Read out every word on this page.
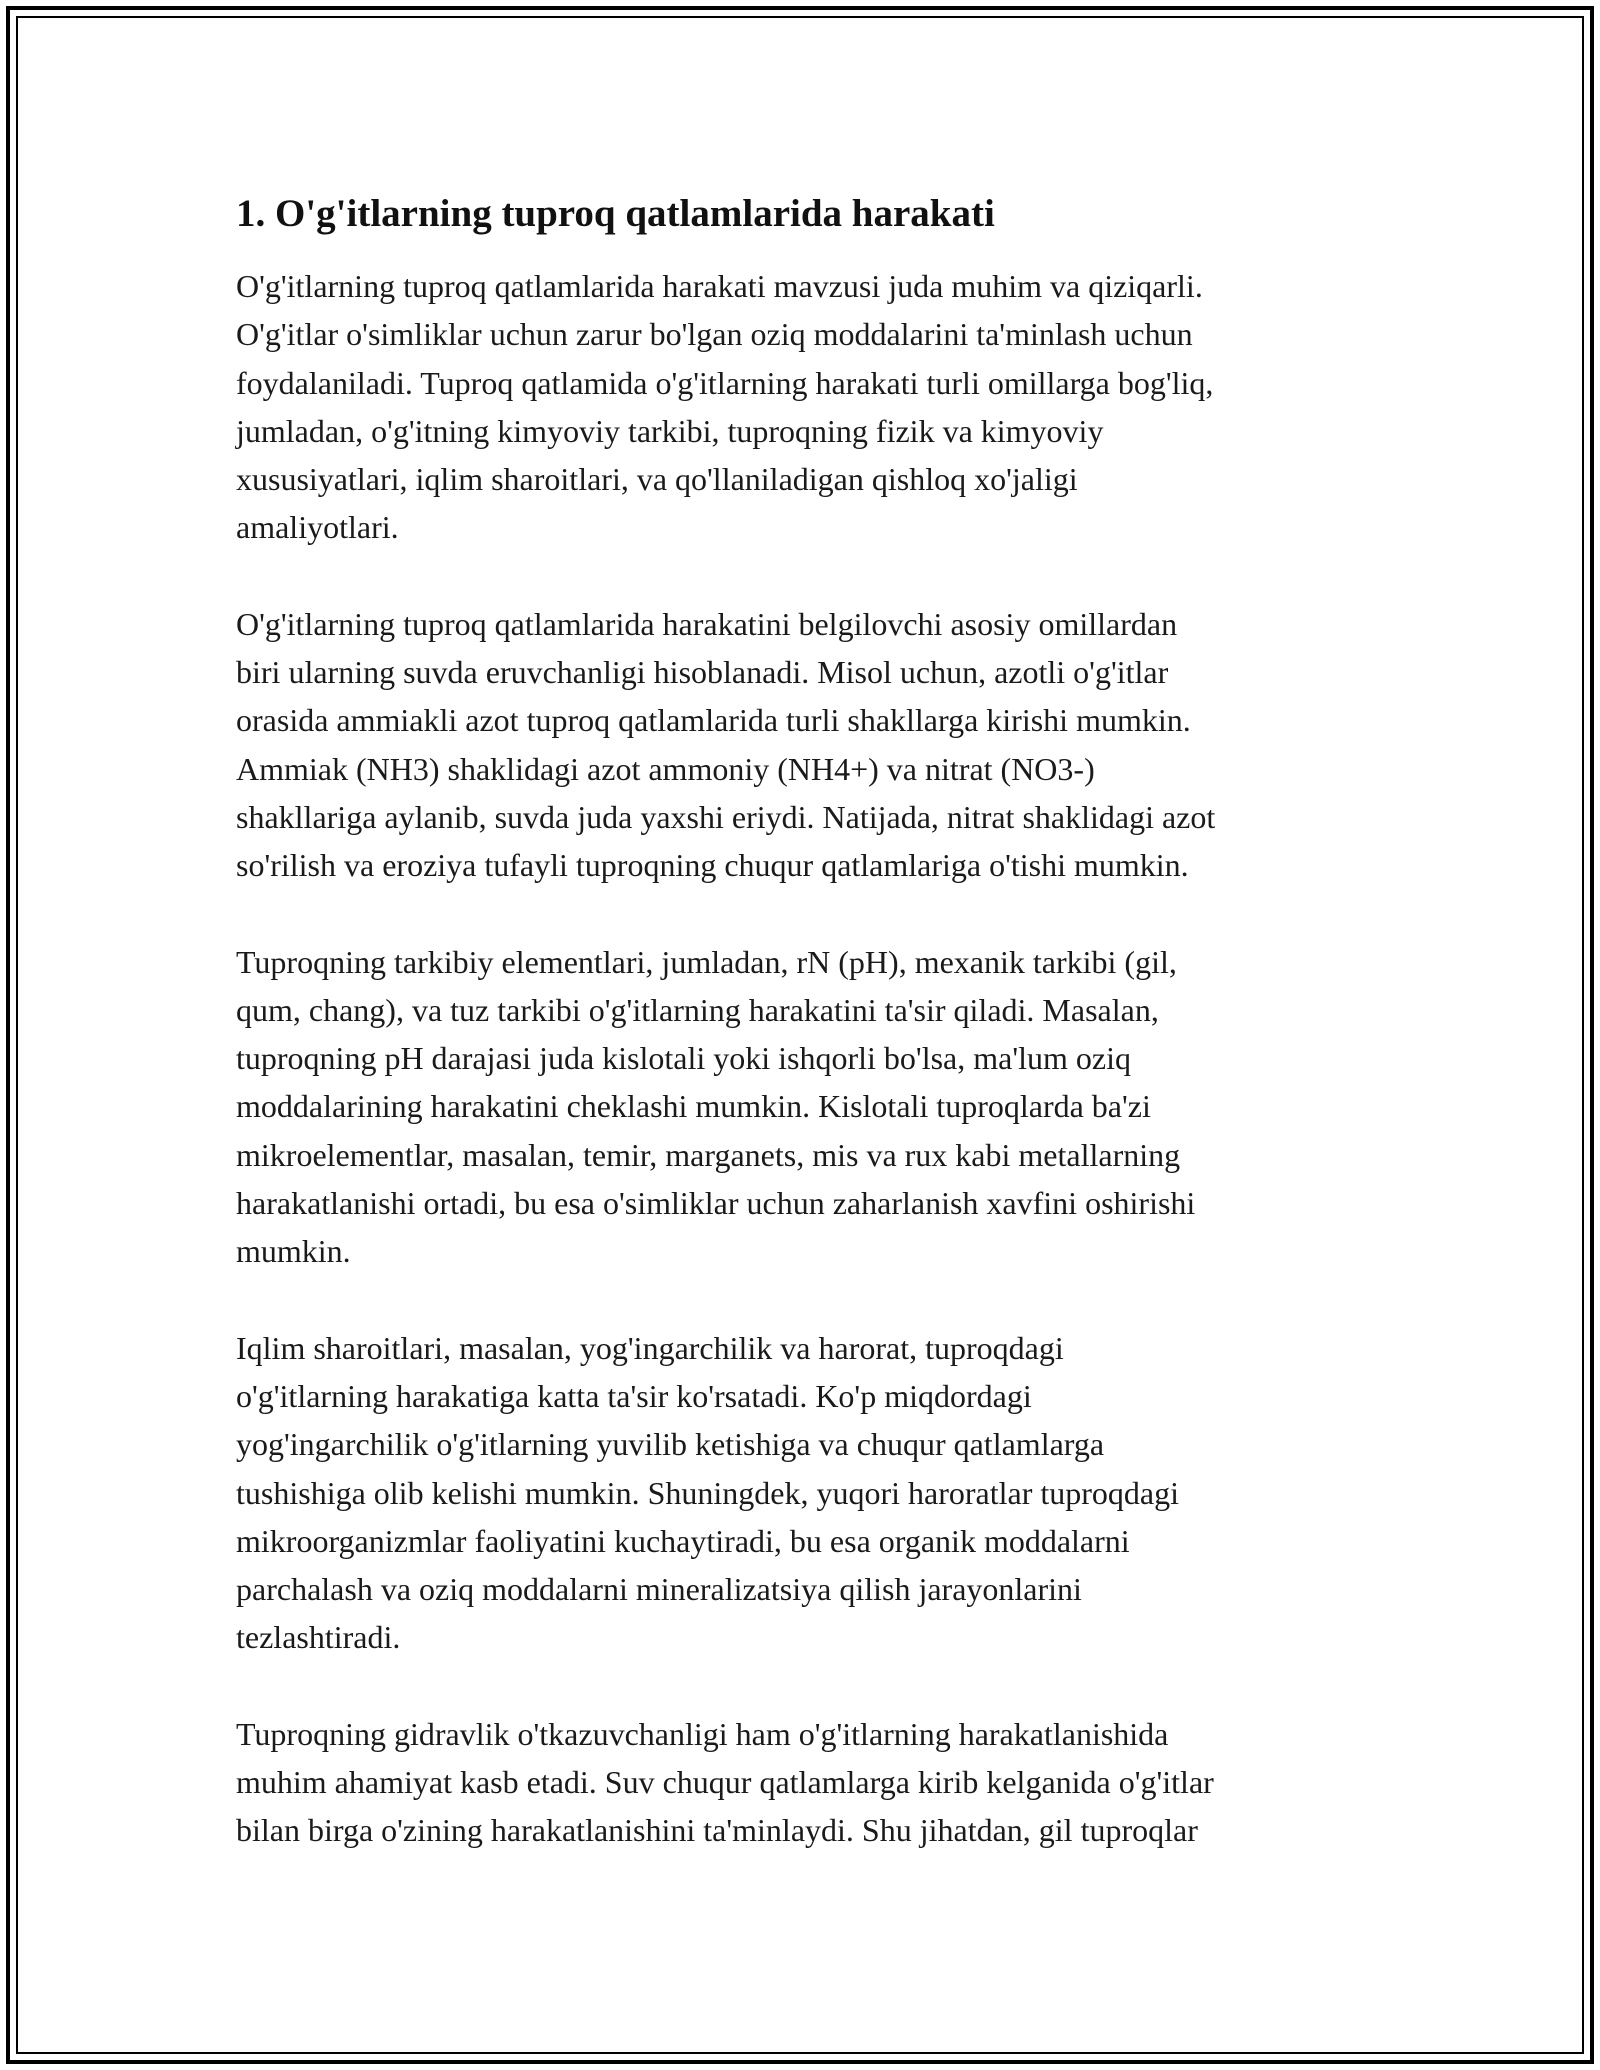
1. O'g'itlarning tuproq qatlamlarida harakati

O'g'itlarning tuproq qatlamlarida harakati mavzusi juda muhim va qiziqarli.
O'g'itlar o'simliklar uchun zarur bo'lgan oziq moddalarini ta'minlash uchun
foydalaniladi. Tuproq qatlamida o'g'itlarning harakati turli omillarga bog'liq,
jumladan, o'g'itning kimyoviy tarkibi, tuproqning fizik va kimyoviy
xususiyatlari, iqlim sharoitlari, va qo'llaniladigan qishloq xo'jaligi
amaliyotlari.

O'g'itlarning tuproq qatlamlarida harakatini belgilovchi asosiy omillardan
biri ularning suvda eruvchanligi hisoblanadi. Misol uchun, azotli o'g'itlar
orasida ammiakli azot tuproq qatlamlarida turli shakllarga kirishi mumkin.
Ammiak (NH3) shaklidagi azot ammoniy (NH4+) va nitrat (NO3-)
shakllariga aylanib, suvda juda yaxshi eriydi. Natijada, nitrat shaklidagi azot
so'rilish va eroziya tufayli tuproqning chuqur qatlamlariga o'tishi mumkin.

Tuproqning tarkibiy elementlari, jumladan, rN (pH), mexanik tarkibi (gil,
qum, chang), va tuz tarkibi o'g'itlarning harakatini ta'sir qiladi. Masalan,
tuproqning pH darajasi juda kislotali yoki ishqorli bo'lsa, ma'lum oziq
moddalarining harakatini cheklashi mumkin. Kislotali tuproqlarda ba'zi
mikroelementlar, masalan, temir, marganets, mis va rux kabi metallarning
harakatlanishi ortadi, bu esa o'simliklar uchun zaharlanish xavfini oshirishi
mumkin.

Iqlim sharoitlari, masalan, yog'ingarchilik va harorat, tuproqdagi
o'g'itlarning harakatiga katta ta'sir ko'rsatadi. Ko'p miqdordagi
yog'ingarchilik o'g'itlarning yuvilib ketishiga va chuqur qatlamlarga
tushishiga olib kelishi mumkin. Shuningdek, yuqori haroratlar tuproqdagi
mikroorganizmlar faoliyatini kuchaytiradi, bu esa organik moddalarni
parchalash va oziq moddalarni mineralizatsiya qilish jarayonlarini
tezlashtiradi.

Tuproqning gidravlik o'tkazuvchanligi ham o'g'itlarning harakatlanishida
muhim ahamiyat kasb etadi. Suv chuqur qatlamlarga kirib kelganida o'g'itlar
bilan birga o'zining harakatlanishini ta'minlaydi. Shu jihatdan, gil tuproqlar
